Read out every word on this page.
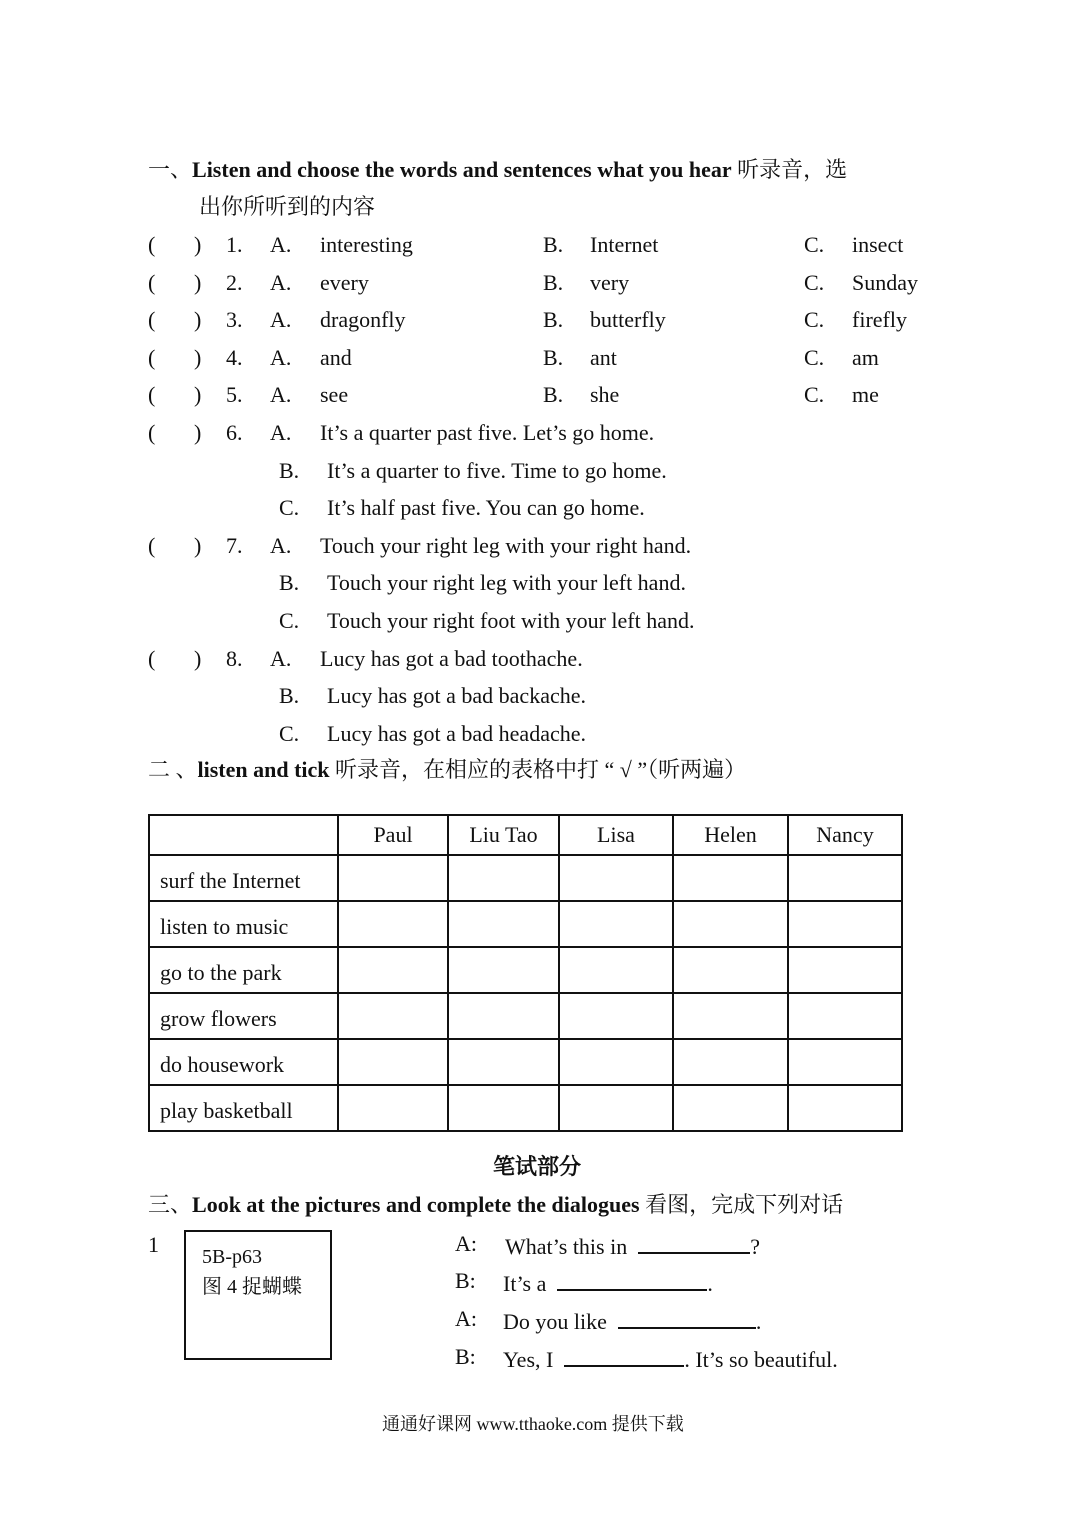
一、Listen and choose the words and sentences what you hear 听录音，选
出你所听到的内容
( ) 1. A. interesting	B. Internet	C. insect
( ) 2. A. every	B. very	C. Sunday
( ) 3. A. dragonfly	B. butterfly	C. firefly
( ) 4. A. and	B. ant	C. am
( ) 5. A. see	B. she	C. me
( ) 6. A. It’s a quarter past five. Let’s go home.
B. It’s a quarter to five. Time to go home.
C. It’s half past five. You can go home.
( ) 7. A. Touch your right leg with your right hand.
B. Touch your right leg with your left hand.
C. Touch your right foot with your left hand.
( ) 8. A. Lucy has got a bad toothache.
B. Lucy has got a bad backache.
C. Lucy has got a bad headache.
二 、listen and tick 听录音，在相应的表格中打 “ √ ”（听两遍）
	Paul	Liu Tao	Lisa	Helen	Nancy
surf the Internet					
listen to music					
go to the park					
grow flowers					
do housework					
play basketball					
笔试部分
三、Look at the pictures and complete the dialogues 看图，完成下列对话
1 5B-p63
图 4 捉蝴蝶
A: What’s this in	?
B: It’s a	.
A: Do you like	.
B: Yes, I	. It’s so beautiful.
通通好课网 www.tthaoke.com 提供下载
